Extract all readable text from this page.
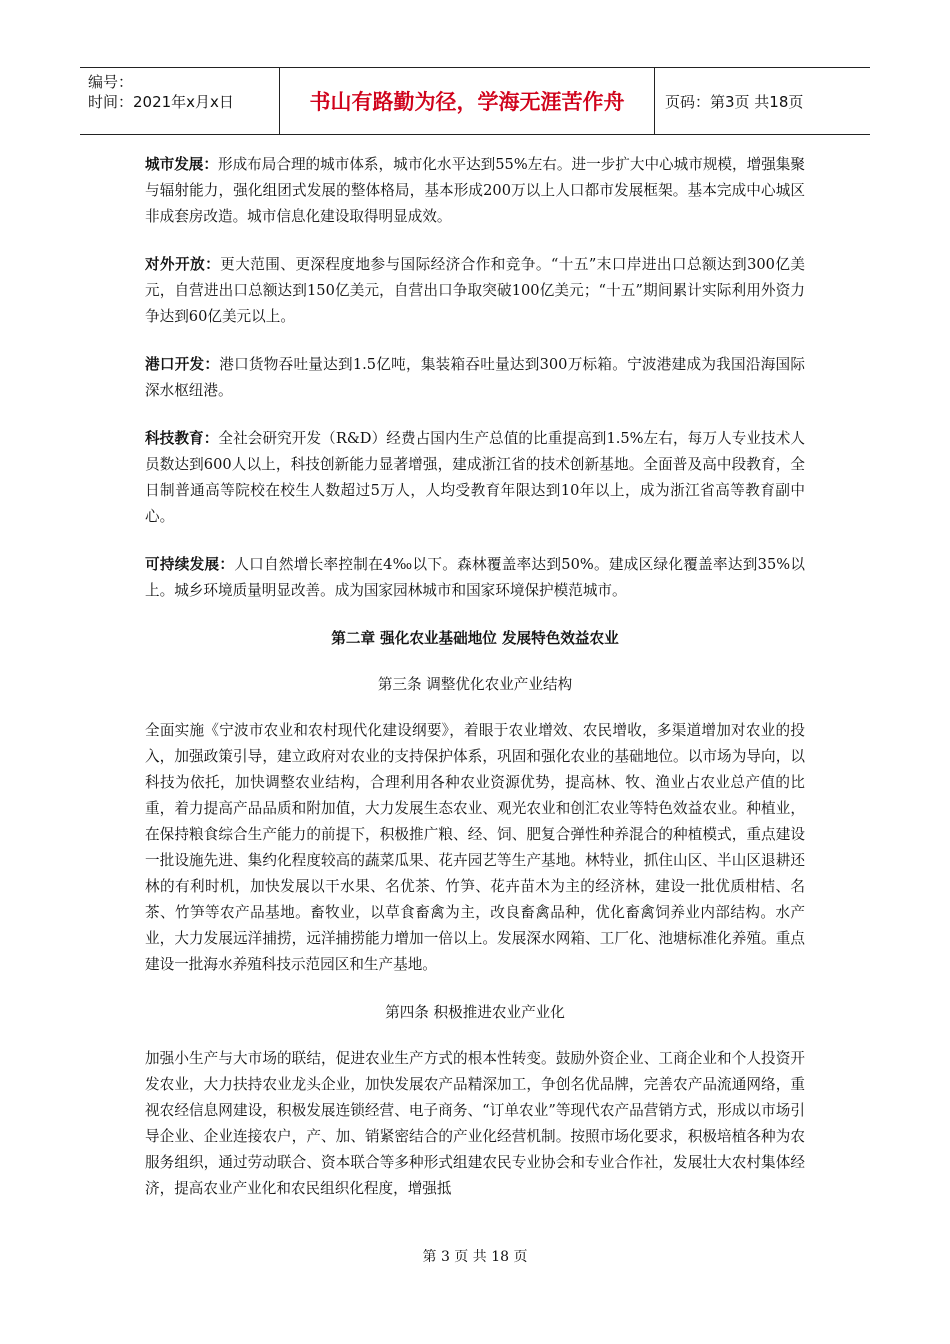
编号：
时间：2021年x月x日	书山有路勤为径，学海无涯苦作舟	页码：第3页 共18页

城市发展：形成布局合理的城市体系，城市化水平达到55%左右。进一步扩大中心城市规模，增强集聚与辐射能力，强化组团式发展的整体格局，基本形成200万以上人口都市发展框架。基本完成中心城区非成套房改造。城市信息化建设取得明显成效。

对外开放：更大范围、更深程度地参与国际经济合作和竞争。“十五”末口岸进出口总额达到300亿美元，自营进出口总额达到150亿美元，自营出口争取突破100亿美元；“十五”期间累计实际利用外资力争达到60亿美元以上。

港口开发：港口货物吞吐量达到1.5亿吨，集装箱吞吐量达到300万标箱。宁波港建成为我国沿海国际深水枢纽港。

科技教育：全社会研究开发（R&D）经费占国内生产总值的比重提高到1.5%左右，每万人专业技术人员数达到600人以上，科技创新能力显著增强，建成浙江省的技术创新基地。全面普及高中段教育，全日制普通高等院校在校生人数超过5万人，人均受教育年限达到10年以上，成为浙江省高等教育副中心。

可持续发展：人口自然增长率控制在4‰以下。森林覆盖率达到50%。建成区绿化覆盖率达到35%以上。城乡环境质量明显改善。成为国家园林城市和国家环境保护模范城市。

第二章 强化农业基础地位 发展特色效益农业
第三条 调整优化农业产业结构

全面实施《宁波市农业和农村现代化建设纲要》，着眼于农业增效、农民增收，多渠道增加对农业的投入，加强政策引导，建立政府对农业的支持保护体系，巩固和强化农业的基础地位。以市场为导向，以科技为依托，加快调整农业结构，合理利用各种农业资源优势，提高林、牧、渔业占农业总产值的比重，着力提高产品品质和附加值，大力发展生态农业、观光农业和创汇农业等特色效益农业。种植业，在保持粮食综合生产能力的前提下，积极推广粮、经、饲、肥复合弹性种养混合的种植模式，重点建设一批设施先进、集约化程度较高的蔬菜瓜果、花卉园艺等生产基地。林特业，抓住山区、半山区退耕还林的有利时机，加快发展以干水果、名优茶、竹笋、花卉苗木为主的经济林，建设一批优质柑桔、名茶、竹笋等农产品基地。畜牧业，以草食畜禽为主，改良畜禽品种，优化畜禽饲养业内部结构。水产业，大力发展远洋捕捞，远洋捕捞能力增加一倍以上。发展深水网箱、工厂化、池塘标准化养殖。重点建设一批海水养殖科技示范园区和生产基地。

第四条 积极推进农业产业化

加强小生产与大市场的联结，促进农业生产方式的根本性转变。鼓励外资企业、工商企业和个人投资开发农业，大力扶持农业龙头企业，加快发展农产品精深加工，争创名优品牌，完善农产品流通网络，重视农经信息网建设，积极发展连锁经营、电子商务、“订单农业”等现代农产品营销方式，形成以市场引导企业、企业连接农户，产、加、销紧密结合的产业化经营机制。按照市场化要求，积极培植各种为农服务组织，通过劳动联合、资本联合等多种形式组建农民专业协会和专业合作社，发展壮大农村集体经济，提高农业产业化和农民组织化程度，增强抵

第 3 页 共 18 页
